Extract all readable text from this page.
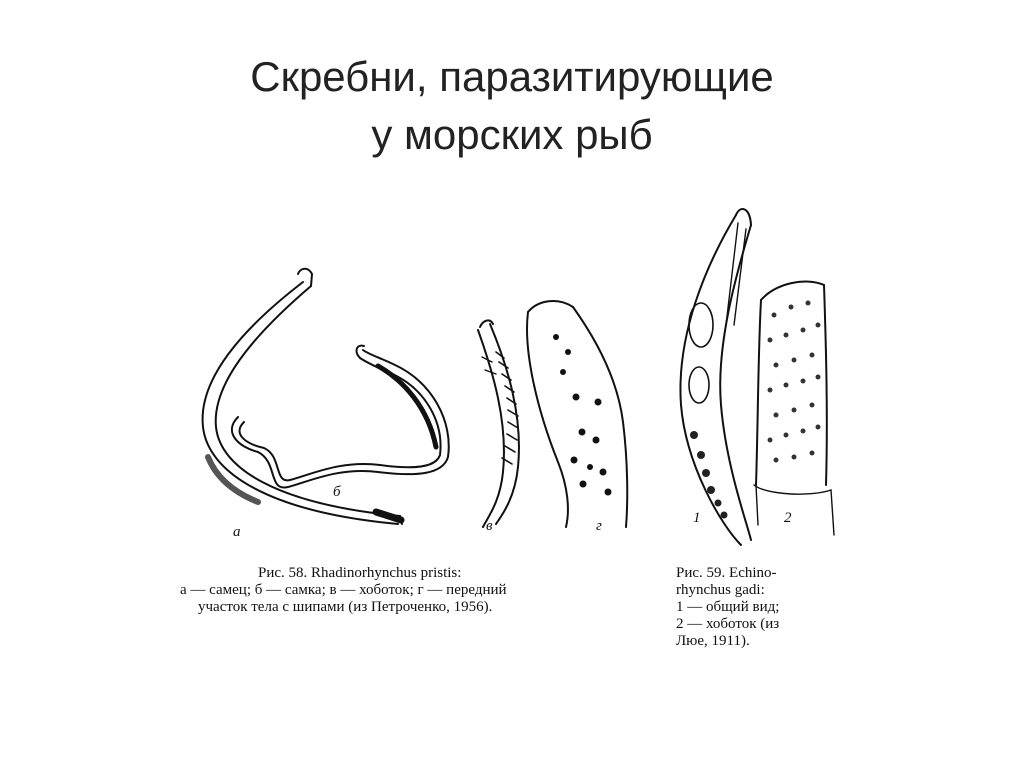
Скребни, паразитирующие
у морских рыб
а
б
в	г	1	2
Рис. 58. Rhadinorhynchus pristis:
а — самец; б — самка; в — хоботок; г — передний
участок тела с шипами (из Петроченко, 1956).
Рис. 59. Echino-
rhynchus gadi:
1 — общий вид;
2 — хоботок (из
Люе, 1911).
